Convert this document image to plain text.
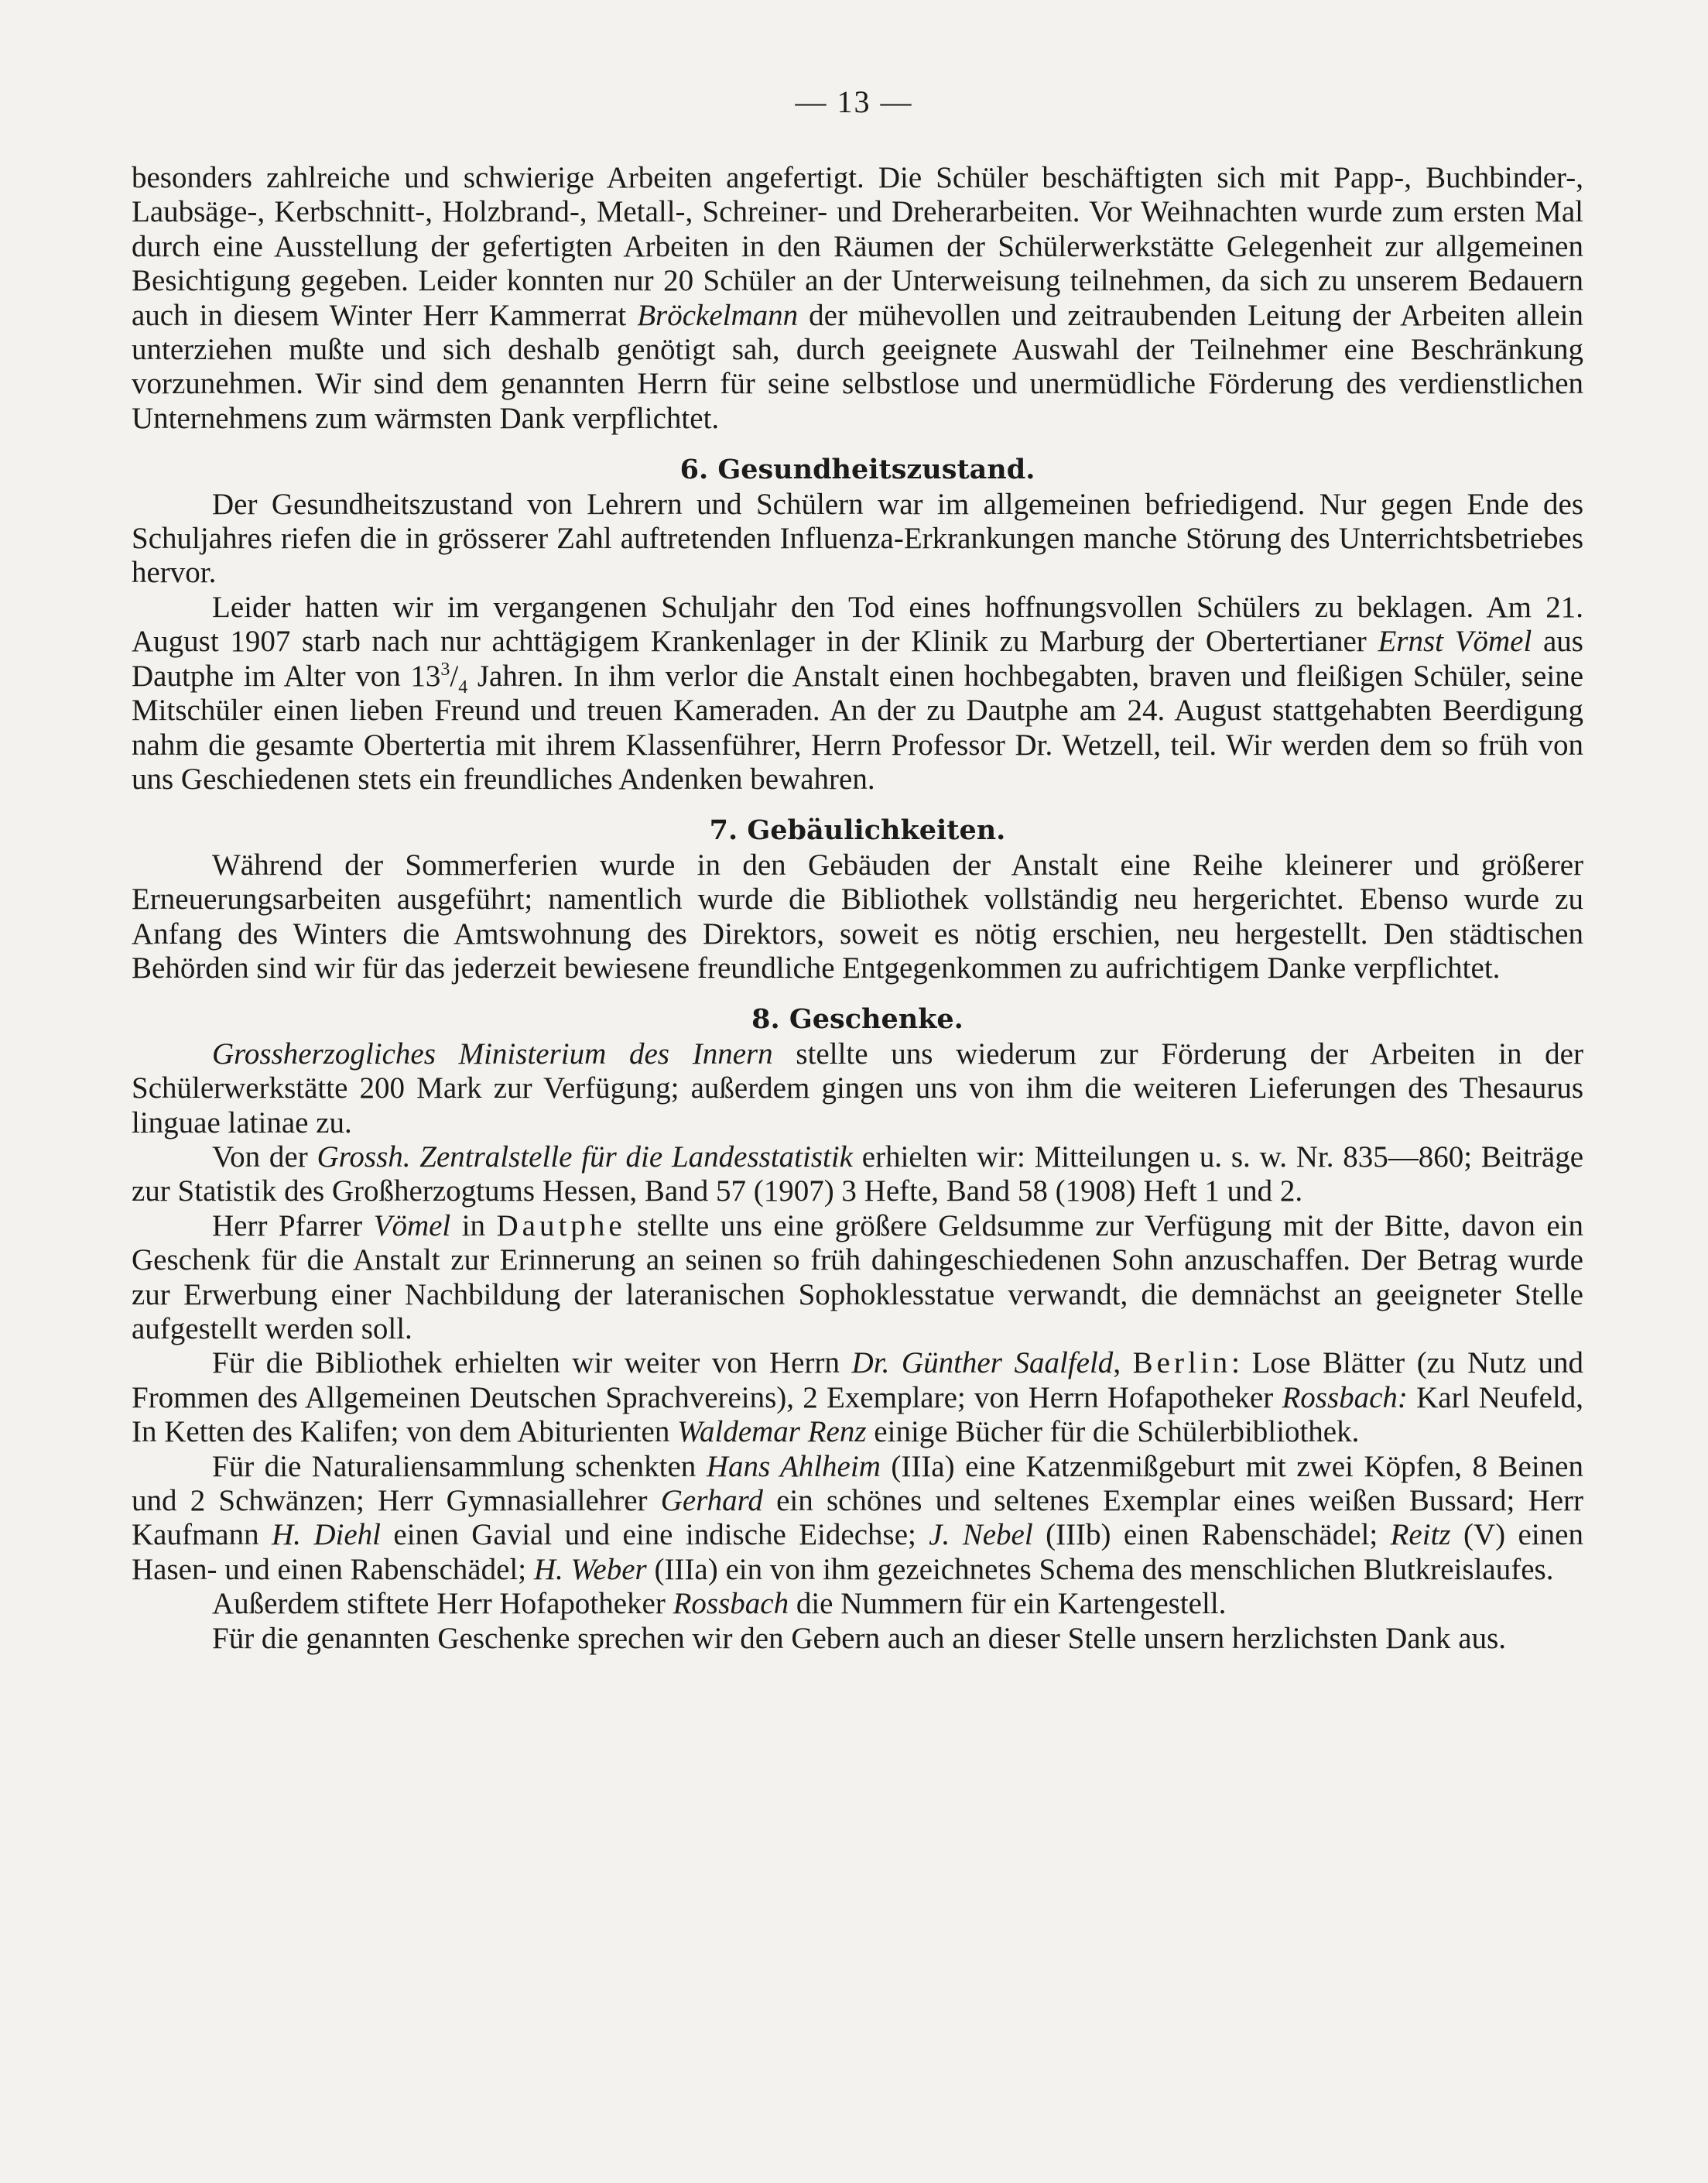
— 13 —

besonders zahlreiche und schwierige Arbeiten angefertigt. Die Schüler beschäftigten sich mit Papp-, Buchbinder-, Laubsäge-, Kerbschnitt-, Holzbrand-, Metall-, Schreiner- und Dreherarbeiten. Vor Weihnachten wurde zum ersten Mal durch eine Ausstellung der gefertigten Arbeiten in den Räumen der Schülerwerkstätte Gelegenheit zur allgemeinen Besichtigung gegeben. Leider konnten nur 20 Schüler an der Unterweisung teilnehmen, da sich zu unserem Bedauern auch in diesem Winter Herr Kammerrat Bröckelmann der mühevollen und zeitraubenden Leitung der Arbeiten allein unterziehen mußte und sich deshalb genötigt sah, durch geeignete Auswahl der Teilnehmer eine Beschränkung vorzunehmen. Wir sind dem genannten Herrn für seine selbstlose und unermüdliche Förderung des verdienstlichen Unternehmens zum wärmsten Dank verpflichtet.

6. Gesundheitszustand.

Der Gesundheitszustand von Lehrern und Schülern war im allgemeinen befriedigend. Nur gegen Ende des Schuljahres riefen die in grösserer Zahl auftretenden Influenza-Erkrankungen manche Störung des Unterrichtsbetriebes hervor.

Leider hatten wir im vergangenen Schuljahr den Tod eines hoffnungsvollen Schülers zu beklagen. Am 21. August 1907 starb nach nur achttägigem Krankenlager in der Klinik zu Marburg der Obertertianer Ernst Vömel aus Dautphe im Alter von $13^3/_4$ Jahren. In ihm verlor die Anstalt einen hochbegabten, braven und fleißigen Schüler, seine Mitschüler einen lieben Freund und treuen Kameraden. An der zu Dautphe am 24. August stattgehabten Beerdigung nahm die gesamte Obertertia mit ihrem Klassenführer, Herrn Professor Dr. Wetzell, teil. Wir werden dem so früh von uns Geschiedenen stets ein freundliches Andenken bewahren.

7. Gebäulichkeiten.

Während der Sommerferien wurde in den Gebäuden der Anstalt eine Reihe kleinerer und größerer Erneuerungsarbeiten ausgeführt; namentlich wurde die Bibliothek vollständig neu hergerichtet. Ebenso wurde zu Anfang des Winters die Amtswohnung des Direktors, soweit es nötig erschien, neu hergestellt. Den städtischen Behörden sind wir für das jederzeit bewiesene freundliche Entgegenkommen zu aufrichtigem Danke verpflichtet.

8. Geschenke.

Grossherzogliches Ministerium des Innern stellte uns wiederum zur Förderung der Arbeiten in der Schülerwerkstätte 200 Mark zur Verfügung; außerdem gingen uns von ihm die weiteren Lieferungen des Thesaurus linguae latinae zu.

Von der Grossh. Zentralstelle für die Landesstatistik erhielten wir: Mitteilungen u. s. w. Nr. 835—860; Beiträge zur Statistik des Großherzogtums Hessen, Band 57 (1907) 3 Hefte, Band 58 (1908) Heft 1 und 2.

Herr Pfarrer Vömel in Dautphe stellte uns eine größere Geldsumme zur Verfügung mit der Bitte, davon ein Geschenk für die Anstalt zur Erinnerung an seinen so früh dahingeschiedenen Sohn anzuschaffen. Der Betrag wurde zur Erwerbung einer Nachbildung der lateranischen Sophoklesstatue verwandt, die demnächst an geeigneter Stelle aufgestellt werden soll.

Für die Bibliothek erhielten wir weiter von Herrn Dr. Günther Saalfeld, Berlin: Lose Blätter (zu Nutz und Frommen des Allgemeinen Deutschen Sprachvereins), 2 Exemplare; von Herrn Hofapotheker Rossbach: Karl Neufeld, In Ketten des Kalifen; von dem Abiturienten Waldemar Renz einige Bücher für die Schülerbibliothek.

Für die Naturaliensammlung schenkten Hans Ahlheim (IIIa) eine Katzenmißgeburt mit zwei Köpfen, 8 Beinen und 2 Schwänzen; Herr Gymnasiallehrer Gerhard ein schönes und seltenes Exemplar eines weißen Bussard; Herr Kaufmann H. Diehl einen Gavial und eine indische Eidechse; J. Nebel (IIIb) einen Rabenschädel; Reitz (V) einen Hasen- und einen Rabenschädel; H. Weber (IIIa) ein von ihm gezeichnetes Schema des menschlichen Blutkreislaufes.

Außerdem stiftete Herr Hofapotheker Rossbach die Nummern für ein Kartengestell.

Für die genannten Geschenke sprechen wir den Gebern auch an dieser Stelle unsern herzlichsten Dank aus.
